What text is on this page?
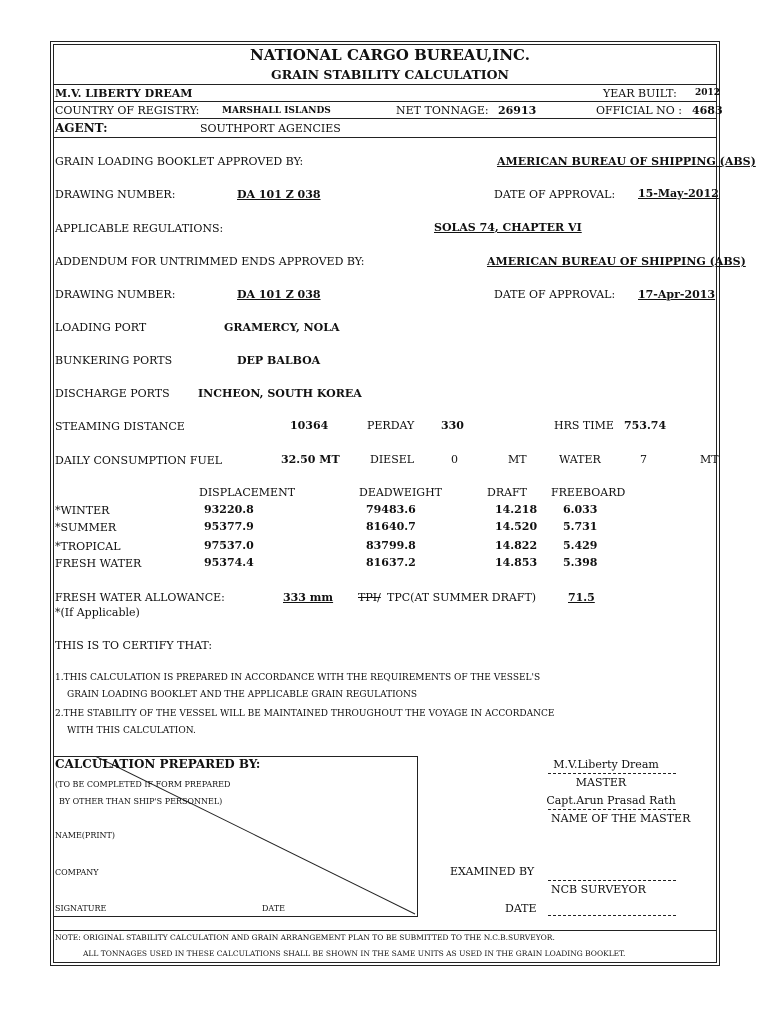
NATIONAL CARGO BUREAU,INC.
GRAIN STABILITY CALCULATION
M.V. LIBERTY DREAM	YEAR BUILT: 2012
COUNTRY OF REGISTRY:	MARSHALL ISLANDS	NET TONNAGE: 26913	OFFICIAL NO : 4683
AGENT:	SOUTHPORT AGENCIES
GRAIN LOADING BOOKLET APPROVED BY:	AMERICAN BUREAU OF SHIPPING (ABS)
DRAWING NUMBER:	DA 101 Z 038	DATE OF APPROVAL: 15-May-2012
APPLICABLE REGULATIONS:	SOLAS 74, CHAPTER VI
ADDENDUM FOR UNTRIMMED ENDS APPROVED BY:	AMERICAN BUREAU OF SHIPPING (ABS)
DRAWING NUMBER:	DA 101 Z 038	DATE OF APPROVAL: 17-Apr-2013
LOADING PORT	GRAMERCY, NOLA
BUNKERING PORTS	DEP BALBOA
DISCHARGE PORTS	INCHEON, SOUTH KOREA
STEAMING DISTANCE	10364	PERDAY 330	HRS TIME 753.74
DAILY CONSUMPTION FUEL	32.50 MT	DIESEL	0	MT	WATER	7	MT
DISPLACEMENT	DEADWEIGHT	DRAFT FREEBOARD
*WINTER	93220.8	79483.6	14.218 6.033
*SUMMER	95377.9	81640.7	14.520 5.731
*TROPICAL	97537.0	83799.8	14.822 5.429
FRESH WATER	95374.4	81637.2	14.853 5.398
FRESH WATER ALLOWANCE:	333 mm TPI/ TPC(AT SUMMER DRAFT)	71.5
*(If Applicable)
THIS IS TO CERTIFY THAT:
1.THIS CALCULATION IS PREPARED IN ACCORDANCE WITH THE REQUIREMENTS OF THE VESSEL'S
GRAIN LOADING BOOKLET AND THE APPLICABLE GRAIN REGULATIONS
2.THE STABILITY OF THE VESSEL WILL BE MAINTAINED THROUGHOUT THE VOYAGE IN ACCORDANCE
WITH THIS CALCULATION.
CALCULATION PREPARED BY:
(TO BE COMPLETED IF FORM PREPARED
BY OTHER THAN SHIP'S PERSONNEL)
NAME(PRINT)
COMPANY
SIGNATURE	DATE
M.V.Liberty Dream
MASTER
Capt.Arun Prasad Rath
NAME OF THE MASTER
EXAMINED BY
NCB SURVEYOR
DATE
NOTE: ORIGINAL STABILITY CALCULATION AND GRAIN ARRANGEMENT PLAN TO BE SUBMITTED TO THE N.C.B.SURVEYOR.
ALL TONNAGES USED IN THESE CALCULATIONS SHALL BE SHOWN IN THE SAME UNITS AS USED IN THE GRAIN LOADING BOOKLET.
